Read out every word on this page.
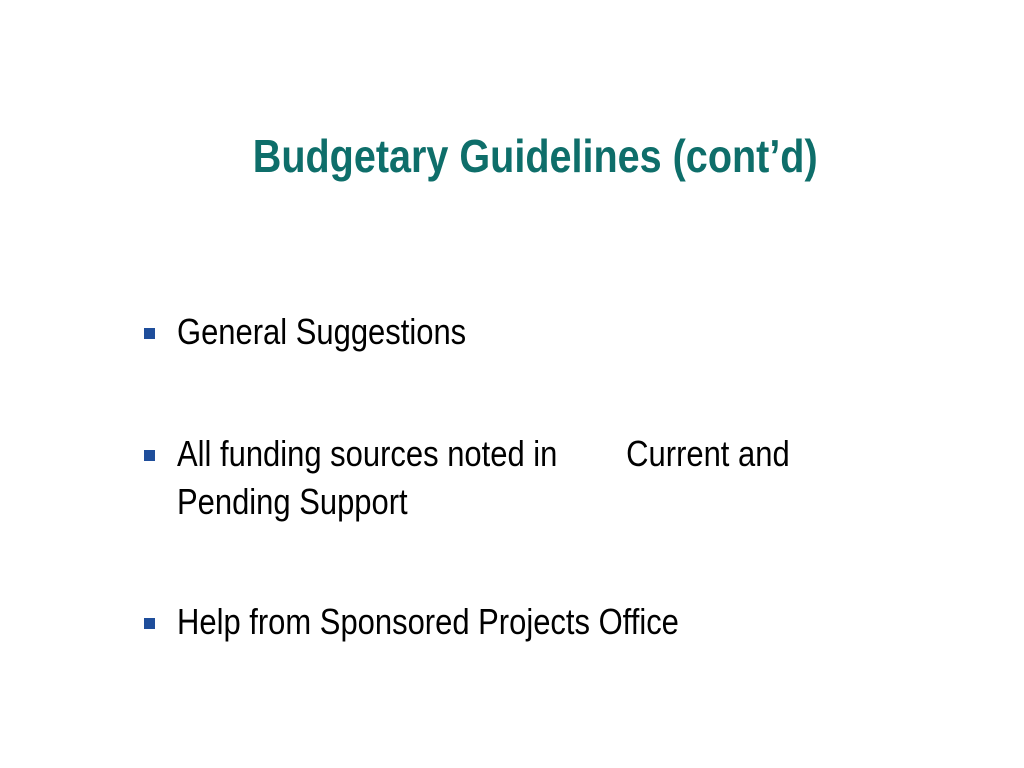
Budgetary Guidelines (cont’d)
General Suggestions
All funding sources noted in        Current and
Pending Support
Help from Sponsored Projects Office
